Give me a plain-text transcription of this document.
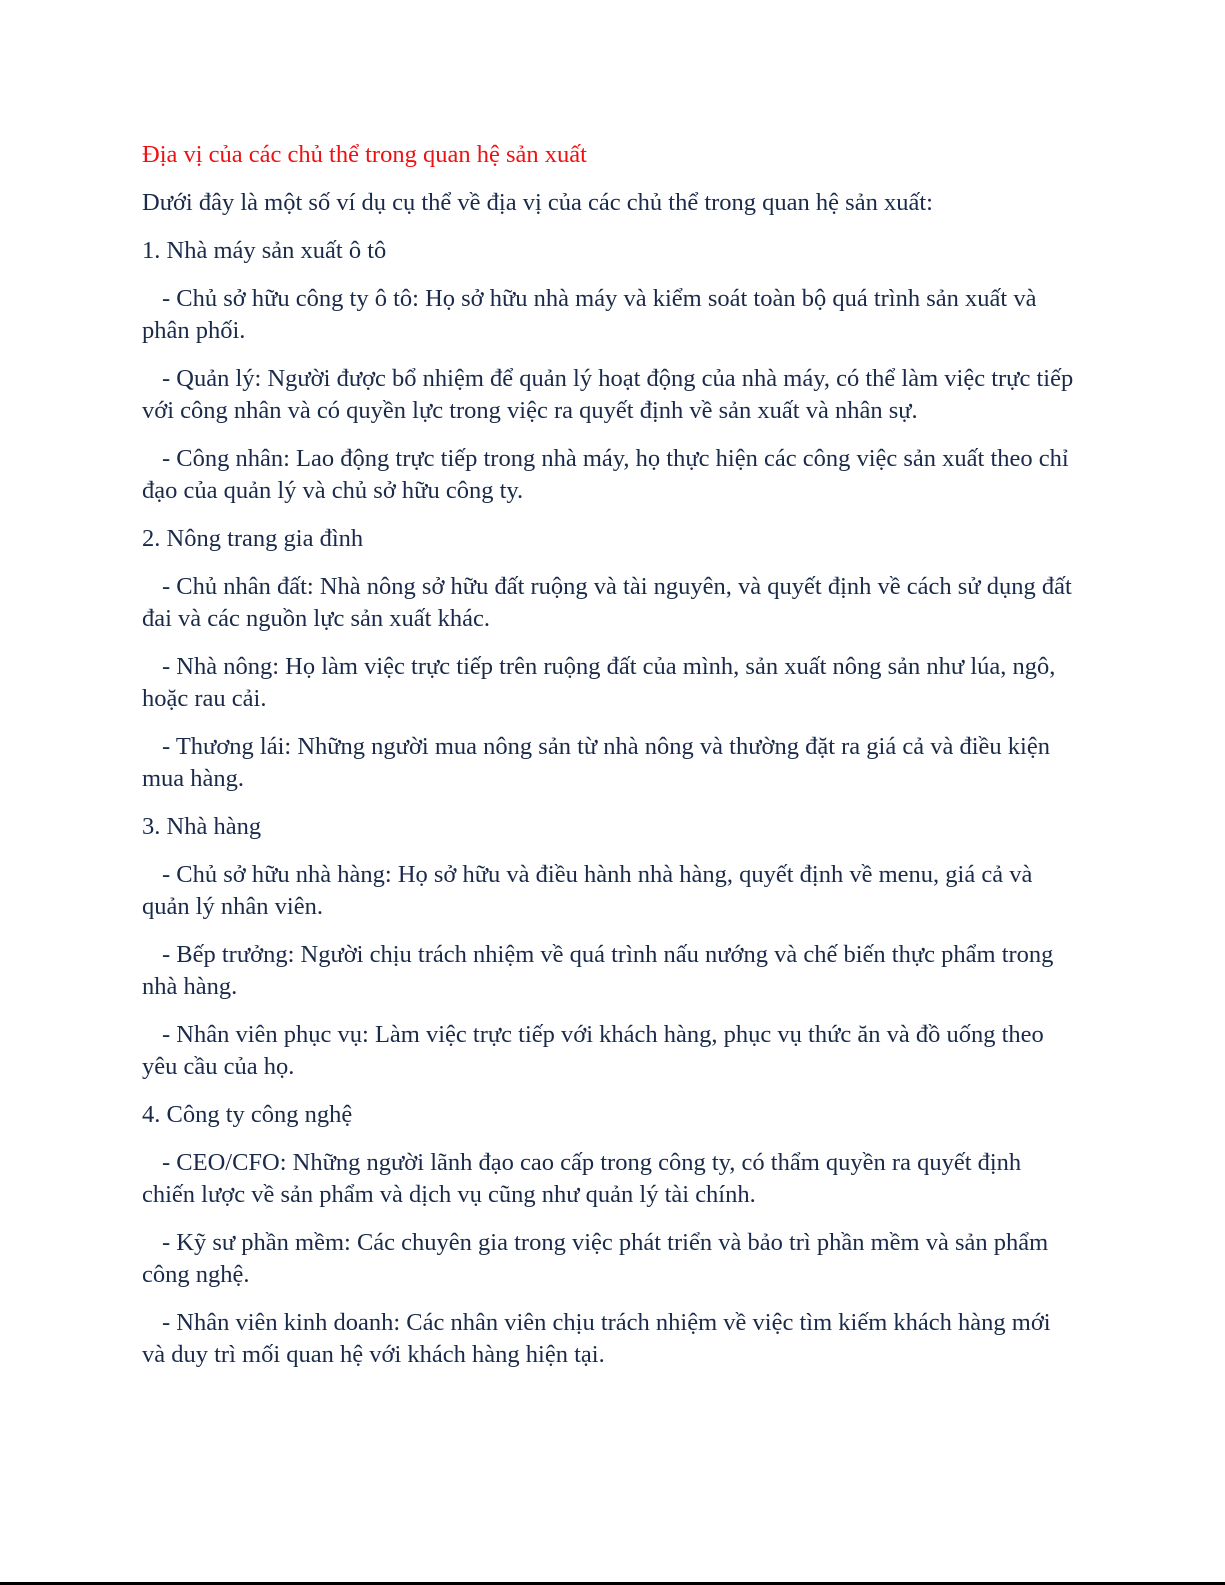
Địa vị của các chủ thể trong quan hệ sản xuất

Dưới đây là một số ví dụ cụ thể về địa vị của các chủ thể trong quan hệ sản xuất:

1. Nhà máy sản xuất ô tô

- Chủ sở hữu công ty ô tô: Họ sở hữu nhà máy và kiểm soát toàn bộ quá trình sản xuất và phân phối.

- Quản lý: Người được bổ nhiệm để quản lý hoạt động của nhà máy, có thể làm việc trực tiếp với công nhân và có quyền lực trong việc ra quyết định về sản xuất và nhân sự.

- Công nhân: Lao động trực tiếp trong nhà máy, họ thực hiện các công việc sản xuất theo chỉ đạo của quản lý và chủ sở hữu công ty.

2. Nông trang gia đình

- Chủ nhân đất: Nhà nông sở hữu đất ruộng và tài nguyên, và quyết định về cách sử dụng đất đai và các nguồn lực sản xuất khác.

- Nhà nông: Họ làm việc trực tiếp trên ruộng đất của mình, sản xuất nông sản như lúa, ngô, hoặc rau cải.

- Thương lái: Những người mua nông sản từ nhà nông và thường đặt ra giá cả và điều kiện mua hàng.

3. Nhà hàng

- Chủ sở hữu nhà hàng: Họ sở hữu và điều hành nhà hàng, quyết định về menu, giá cả và quản lý nhân viên.

- Bếp trưởng: Người chịu trách nhiệm về quá trình nấu nướng và chế biến thực phẩm trong nhà hàng.

- Nhân viên phục vụ: Làm việc trực tiếp với khách hàng, phục vụ thức ăn và đồ uống theo yêu cầu của họ.

4. Công ty công nghệ

- CEO/CFO: Những người lãnh đạo cao cấp trong công ty, có thẩm quyền ra quyết định chiến lược về sản phẩm và dịch vụ cũng như quản lý tài chính.

- Kỹ sư phần mềm: Các chuyên gia trong việc phát triển và bảo trì phần mềm và sản phẩm công nghệ.

- Nhân viên kinh doanh: Các nhân viên chịu trách nhiệm về việc tìm kiếm khách hàng mới và duy trì mối quan hệ với khách hàng hiện tại.
